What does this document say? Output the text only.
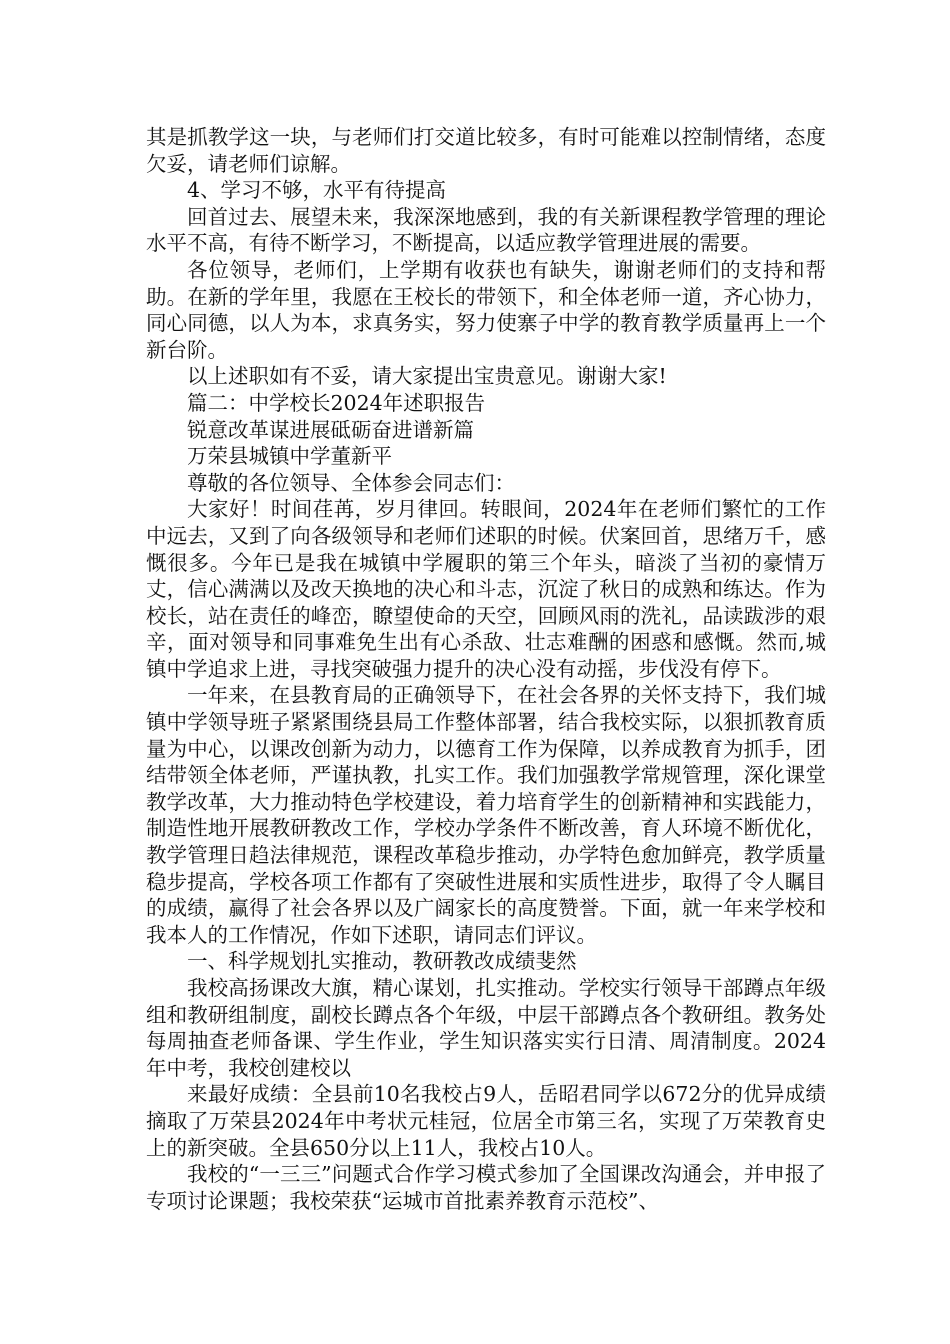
其是抓教学这一块，与老师们打交道比较多，有时可能难以控制情绪，态度欠妥，请老师们谅解。

4、学习不够，水平有待提高

回首过去、展望未来，我深深地感到，我的有关新课程教学管理的理论水平不高，有待不断学习，不断提高，以适应教学管理进展的需要。

各位领导，老师们，上学期有收获也有缺失，谢谢老师们的支持和帮助。在新的学年里，我愿在王校长的带领下，和全体老师一道，齐心协力，同心同德，以人为本，求真务实，努力使寨子中学的教育教学质量再上一个新台阶。

以上述职如有不妥，请大家提出宝贵意见。谢谢大家!

篇二：中学校长2024年述职报告

锐意改革谋进展砥砺奋进谱新篇

万荣县城镇中学董新平

尊敬的各位领导、全体参会同志们：

大家好！时间荏苒，岁月律回。转眼间，2024年在老师们繁忙的工作中远去，又到了向各级领导和老师们述职的时候。伏案回首，思绪万千，感慨很多。今年已是我在城镇中学履职的第三个年头，暗淡了当初的豪情万丈，信心满满以及改天换地的决心和斗志，沉淀了秋日的成熟和练达。作为校长，站在责任的峰峦，瞭望使命的天空，回顾风雨的洗礼，品读跋涉的艰辛，面对领导和同事难免生出有心杀敌、壮志难酬的困惑和感慨。然而,城镇中学追求上进，寻找突破强力提升的决心没有动摇，步伐没有停下。

一年来，在县教育局的正确领导下，在社会各界的关怀支持下，我们城镇中学领导班子紧紧围绕县局工作整体部署，结合我校实际，以狠抓教育质量为中心，以课改创新为动力，以德育工作为保障，以养成教育为抓手，团结带领全体老师，严谨执教，扎实工作。我们加强教学常规管理，深化课堂教学改革，大力推动特色学校建设，着力培育学生的创新精神和实践能力，制造性地开展教研教改工作，学校办学条件不断改善，育人环境不断优化，教学管理日趋法律规范，课程改革稳步推动，办学特色愈加鲜亮，教学质量稳步提高，学校各项工作都有了突破性进展和实质性进步，取得了令人瞩目的成绩，赢得了社会各界以及广阔家长的高度赞誉。下面，就一年来学校和我本人的工作情况，作如下述职，请同志们评议。

一、科学规划扎实推动，教研教改成绩斐然

我校高扬课改大旗，精心谋划，扎实推动。学校实行领导干部蹲点年级组和教研组制度，副校长蹲点各个年级，中层干部蹲点各个教研组。教务处每周抽查老师备课、学生作业，学生知识落实实行日清、周清制度。2024年中考，我校创建校以

来最好成绩：全县前10名我校占9人，岳昭君同学以672分的优异成绩摘取了万荣县2024年中考状元桂冠，位居全市第三名，实现了万荣教育史上的新突破。全县650分以上11人，我校占10人。

我校的“一三三”问题式合作学习模式参加了全国课改沟通会，并申报了专项讨论课题；我校荣获“运城市首批素养教育示范校”、
